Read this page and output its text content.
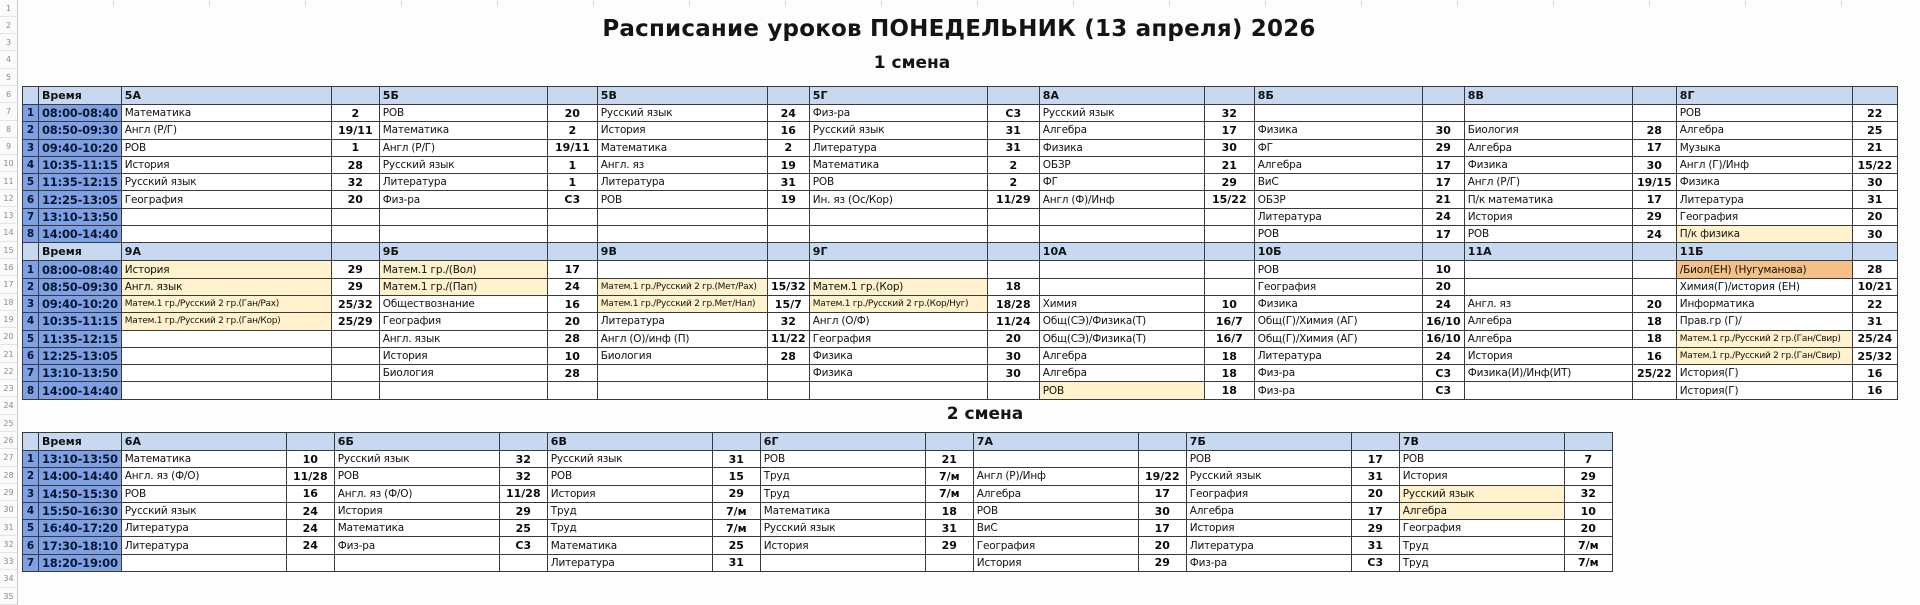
1
2
3
4
5
6
7
8
9
10
11
12
13
14
15
16
17
18
19
20
21
22
23
24
25
26
27
28
29
30
31
32
33
34
35
Расписание уроков ПОНЕДЕЛЬНИК (13 апреля) 2026
1 смена
	Время	5А		5Б		5В		5Г		8А		8Б		8В		8Г	
1	08:00-08:40	Математика	2	РОВ	20	Русский язык	24	Физ-ра	С3	Русский язык	32					РОВ	22
2	08:50-09:30	Англ (Р/Г)	19/11	Математика	2	История	16	Русский язык	31	Алгебра	17	Физика	30	Биология	28	Алгебра	25
3	09:40-10:20	РОВ	1	Англ (Р/Г)	19/11	Математика	2	Литература	31	Физика	30	ФГ	29	Алгебра	17	Музыка	21
4	10:35-11:15	История	28	Русский язык	1	Англ. яз	19	Математика	2	ОБЗР	21	Алгебра	17	Физика	30	Англ (Г)/Инф	15/22
5	11:35-12:15	Русский язык	32	Литература	1	Литература	31	РОВ	2	ФГ	29	ВиС	17	Англ (Р/Г)	19/15	Физика	30
6	12:25-13:05	География	20	Физ-ра	С3	РОВ	19	Ин. яз (Ос/Кор)	11/29	Англ (Ф)/Инф	15/22	ОБЗР	21	П/к математика	17	Литература	31
7	13:10-13:50											Литература	24	История	29	География	20
8	14:00-14:40											РОВ	17	РОВ	24	П/к физика	30
	Время	9А		9Б		9В		9Г		10А		10Б		11А		11Б	
1	08:00-08:40	История	29	Матем.1 гр./(Вол)	17							РОВ	10			/Биол(ЕН) (Нугуманова)	28
2	08:50-09:30	Англ. язык	29	Матем.1 гр./(Пап)	24	Матем.1 гр./Русский 2 гр.(Мет/Рах)	15/32	Матем.1 гр.(Кор)	18			География	20			Химия(Г)/история (ЕН)	10/21
3	09:40-10:20	Матем.1 гр./Русский 2 гр.(Ган/Рах)	25/32	Обществознание	16	Матем.1 гр./Русский 2 гр.Мет/Нал)	15/7	Матем.1 гр./Русский 2 гр.(Кор/Нуг)	18/28	Химия	10	Физика	24	Англ. яз	20	Информатика	22
4	10:35-11:15	Матем.1 гр./Русский 2 гр.(Ган/Кор)	25/29	География	20	Литература	32	Англ (О/Ф)	11/24	Общ(СЭ)/Физика(Т)	16/7	Общ(Г)/Химия (АГ)	16/10	Алгебра	18	Прав.гр (Г)/	31
5	11:35-12:15			Англ. язык	28	Англ (О)/инф (П)	11/22	География	20	Общ(СЭ)/Физика(Т)	16/7	Общ(Г)/Химия (АГ)	16/10	Алгебра	18	Матем.1 гр./Русский 2 гр.(Ган/Свир)	25/24
6	12:25-13:05			История	10	Биология	28	Физика	30	Алгебра	18	Литература	24	История	16	Матем.1 гр./Русский 2 гр.(Ган/Свир)	25/32
7	13:10-13:50			Биология	28			Физика	30	Алгебра	18	Физ-ра	С3	Физика(И)/Инф(ИТ)	25/22	История(Г)	16
8	14:00-14:40									РОВ	18	Физ-ра	С3			История(Г)	16
2 смена
	Время	6А		6Б		6В		6Г		7А		7Б		7В	
1	13:10-13:50	Математика	10	Русский язык	32	Русский язык	31	РОВ	21			РОВ	17	РОВ	7
2	14:00-14:40	Англ. яз (Ф/О)	11/28	РОВ	32	РОВ	15	Труд	7/м	Англ (Р)/Инф	19/22	Русский язык	31	История	29
3	14:50-15:30	РОВ	16	Англ. яз (Ф/О)	11/28	История	29	Труд	7/м	Алгебра	17	География	20	Русский язык	32
4	15:50-16:30	Русский язык	24	История	29	Труд	7/м	Математика	18	РОВ	30	Алгебра	17	Алгебра	10
5	16:40-17:20	Литература	24	Математика	25	Труд	7/м	Русский язык	31	ВиС	17	История	29	География	20
6	17:30-18:10	Литература	24	Физ-ра	С3	Математика	25	История	29	География	20	Литература	31	Труд	7/м
7	18:20-19:00					Литература	31			История	29	Физ-ра	С3	Труд	7/м
